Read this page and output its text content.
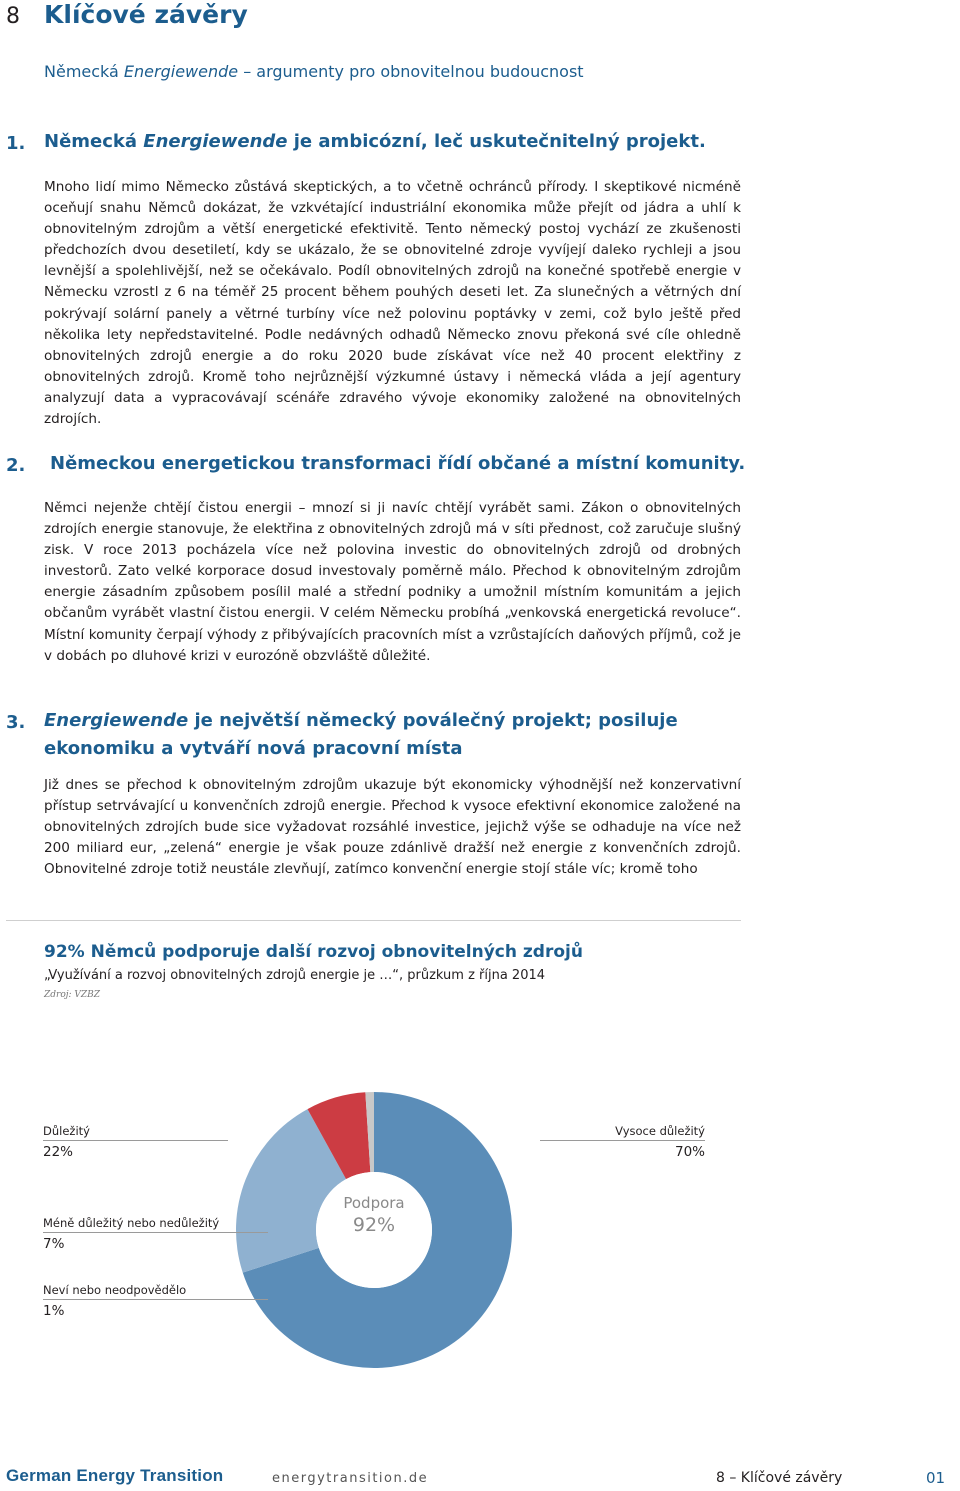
8 Klíčové závěry
Německá Energiewende – argumenty pro obnovitelnou budoucnost
1. Německá Energiewende je ambicózní, leč uskutečnitelný projekt.

Mnoho lidí mimo Německo zůstává skeptických, a to včetně ochránců přírody. I skeptikové nicméně oceňují snahu Němců dokázat, že vzkvétající industriální ekonomika může přejít od jádra a uhlí k obnovitelným zdrojům a větší energetické efektivitě. Tento německý postoj vychází ze zkušenosti předchozích dvou desetiletí, kdy se ukázalo, že se obnovitelné zdroje vyvíjejí daleko rychleji a jsou levnější a spolehlivější, než se očekávalo. Podíl obnovitelných zdrojů na konečné spotřebě energie v Německu vzrostl z 6 na téměř 25 procent během pouhých deseti let. Za slunečných a větrných dní pokrývají solární panely a větrné turbíny více než polovinu poptávky v zemi, což bylo ještě před několika lety nepředstavitelné. Podle nedávných odhadů Německo znovu překoná své cíle ohledně obnovitelných zdrojů energie a do roku 2020 bude získávat více než 40 procent elektřiny z obnovitelných zdrojů. Kromě toho nejrůznější výzkumné ústavy i německá vláda a její agentury analyzují data a vypracovávají scénáře zdravého vývoje ekonomiky založené na obnovitelných zdrojích.

2. Německou energetickou transformaci řídí občané a místní komunity.

Němci nejenže chtějí čistou energii – mnozí si ji navíc chtějí vyrábět sami. Zákon o obnovitelných zdrojích energie stanovuje, že elektřina z obnovitelných zdrojů má v síti přednost, což zaručuje slušný zisk. V roce 2013 pocházela více než polovina investic do obnovitelných zdrojů od drobných investorů. Zato velké korporace dosud investovaly poměrně málo. Přechod k obnovitelným zdrojům energie zásadním způsobem posílil malé a střední podniky a umožnil místním komunitám a jejich občanům vyrábět vlastní čistou energii. V celém Německu probíhá „venkovská energetická revoluce“. Místní komunity čerpají výhody z přibývajících pracovních míst a vzrůstajících daňových příjmů, což je v dobách po dluhové krizi v eurozóně obzvláště důležité.

3. Energiewende je největší německý poválečný projekt; posiluje ekonomiku a vytváří nová pracovní místa

Již dnes se přechod k obnovitelným zdrojům ukazuje být ekonomicky výhodnější než konzervativní přístup setrvávající u konvenčních zdrojů energie. Přechod k vysoce efektivní ekonomice založené na obnovitelných zdrojích bude sice vyžadovat rozsáhlé investice, jejichž výše se odhaduje na více než 200 miliard eur, „zelená“ energie je však pouze zdánlivě dražší než energie z konvenčních zdrojů. Obnovitelné zdroje totiž neustále zlevňují, zatímco konvenční energie stojí stále víc; kromě toho

92% Němců podporuje další rozvoj obnovitelných zdrojů
„Využívání a rozvoj obnovitelných zdrojů energie je …“, průzkum z října 2014
Zdroj: VZBZ
Podpora
92%
Důležitý
22%
Vysoce důležitý
70%
Méně důležitý nebo nedůležitý
7%
Neví nebo neodpovědělo
1%
German Energy Transition	energytransition.de	8 – Klíčové závěry	01
